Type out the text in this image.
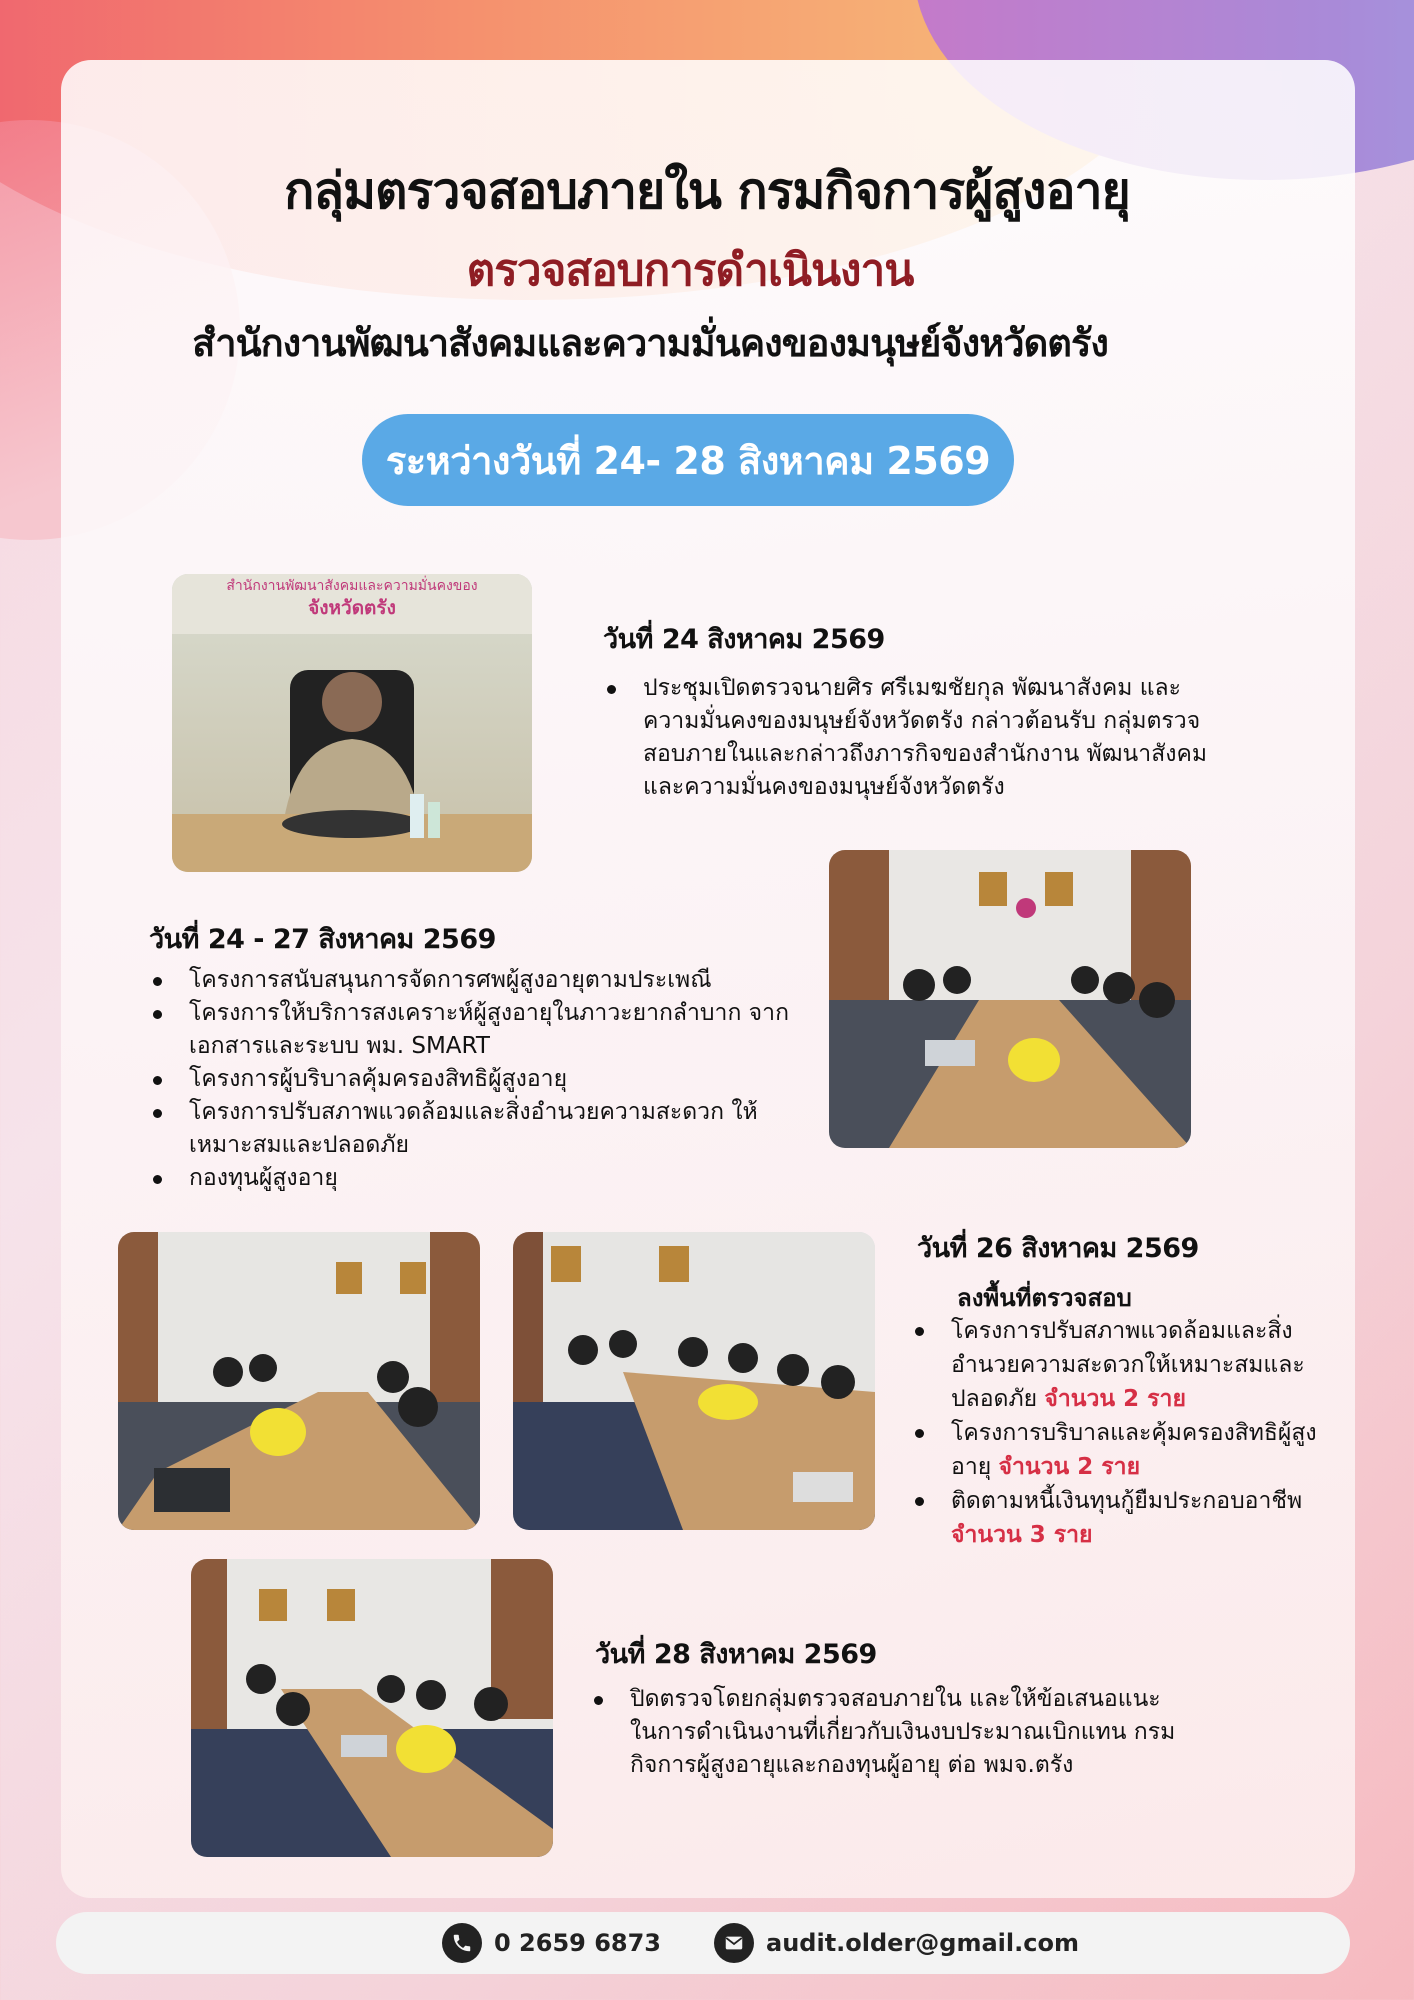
กลุ่มตรวจสอบภายใน กรมกิจการผู้สูงอายุ
ตรวจสอบการดำเนินงาน
สำนักงานพัฒนาสังคมและความมั่นคงของมนุษย์จังหวัดตรัง
ระหว่างวันที่ 24- 28 สิงหาคม 2569
สำนักงานพัฒนาสังคมและความมั่นคงของ
จังหวัดตรัง
วันที่ 24 สิงหาคม 2569
ประชุมเปิดตรวจนายศิร ศรีเมฆชัยกุล พัฒนาสังคม และความมั่นคงของมนุษย์จังหวัดตรัง กล่าวต้อนรับ กลุ่มตรวจสอบภายในและกล่าวถึงภารกิจของสำนักงาน พัฒนาสังคมและความมั่นคงของมนุษย์จังหวัดตรัง
วันที่ 24 - 27 สิงหาคม 2569
โครงการสนับสนุนการจัดการศพผู้สูงอายุตามประเพณี
โครงการให้บริการสงเคราะห์ผู้สูงอายุในภาวะยากลำบาก จากเอกสารและระบบ พม. SMART
โครงการผู้บริบาลคุ้มครองสิทธิผู้สูงอายุ
โครงการปรับสภาพแวดล้อมและสิ่งอำนวยความสะดวก ให้เหมาะสมและปลอดภัย
กองทุนผู้สูงอายุ
วันที่ 26 สิงหาคม 2569
ลงพื้นที่ตรวจสอบ
โครงการปรับสภาพแวดล้อมและสิ่งอำนวยความสะดวกให้เหมาะสมและปลอดภัย จำนวน 2 ราย
โครงการบริบาลและคุ้มครองสิทธิผู้สูงอายุ จำนวน 2 ราย
ติดตามหนี้เงินทุนกู้ยืมประกอบอาชีพ
จำนวน 3 ราย
วันที่ 28 สิงหาคม 2569
ปิดตรวจโดยกลุ่มตรวจสอบภายใน และให้ข้อเสนอแนะ ในการดำเนินงานที่เกี่ยวกับเงินงบประมาณเบิกแทน กรมกิจการผู้สูงอายุและกองทุนผู้อายุ ต่อ พมจ.ตรัง
0 2659 6873	audit.older@gmail.com
